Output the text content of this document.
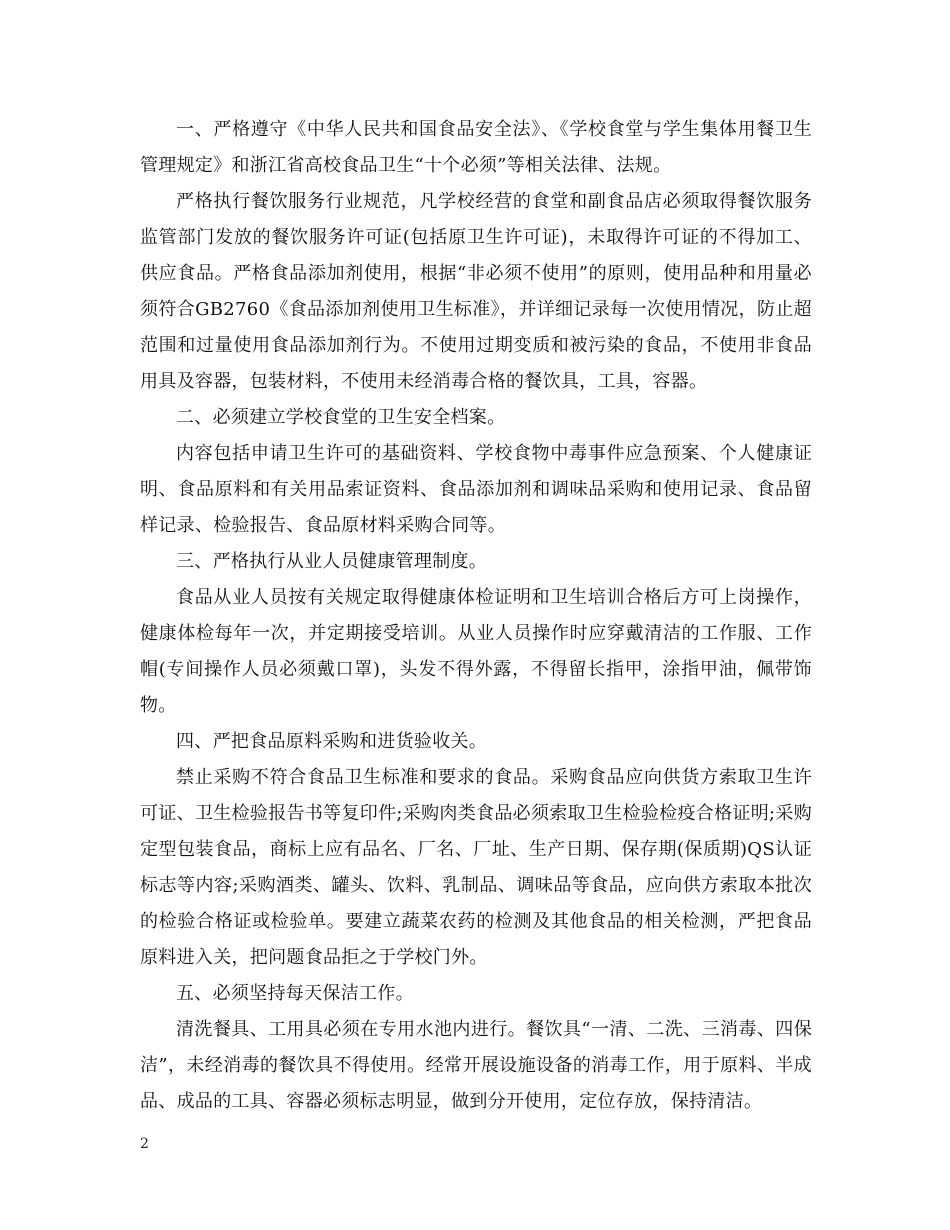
一、严格遵守《中华人民共和国食品安全法》、《学校食堂与学生集体用餐卫生管理规定》和浙江省高校食品卫生“十个必须”等相关法律、法规。

严格执行餐饮服务行业规范，凡学校经营的食堂和副食品店必须取得餐饮服务监管部门发放的餐饮服务许可证(包括原卫生许可证)，未取得许可证的不得加工、供应食品。严格食品添加剂使用，根据“非必须不使用”的原则，使用品种和用量必须符合GB2760《食品添加剂使用卫生标准》，并详细记录每一次使用情况，防止超范围和过量使用食品添加剂行为。不使用过期变质和被污染的食品，不使用非食品用具及容器，包装材料，不使用未经消毒合格的餐饮具，工具，容器。

二、必须建立学校食堂的卫生安全档案。

内容包括申请卫生许可的基础资料、学校食物中毒事件应急预案、个人健康证明、食品原料和有关用品索证资料、食品添加剂和调味品采购和使用记录、食品留样记录、检验报告、食品原材料采购合同等。

三、严格执行从业人员健康管理制度。

食品从业人员按有关规定取得健康体检证明和卫生培训合格后方可上岗操作，健康体检每年一次，并定期接受培训。从业人员操作时应穿戴清洁的工作服、工作帽(专间操作人员必须戴口罩)，头发不得外露，不得留长指甲，涂指甲油，佩带饰物。

四、严把食品原料采购和进货验收关。

禁止采购不符合食品卫生标准和要求的食品。采购食品应向供货方索取卫生许可证、卫生检验报告书等复印件;采购肉类食品必须索取卫生检验检疫合格证明;采购定型包装食品，商标上应有品名、厂名、厂址、生产日期、保存期(保质期)QS认证标志等内容;采购酒类、罐头、饮料、乳制品、调味品等食品，应向供方索取本批次的检验合格证或检验单。要建立蔬菜农药的检测及其他食品的相关检测，严把食品原料进入关，把问题食品拒之于学校门外。

五、必须坚持每天保洁工作。

清洗餐具、工用具必须在专用水池内进行。餐饮具“一清、二洗、三消毒、四保洁”，未经消毒的餐饮具不得使用。经常开展设施设备的消毒工作，用于原料、半成品、成品的工具、容器必须标志明显，做到分开使用，定位存放，保持清洁。

2
